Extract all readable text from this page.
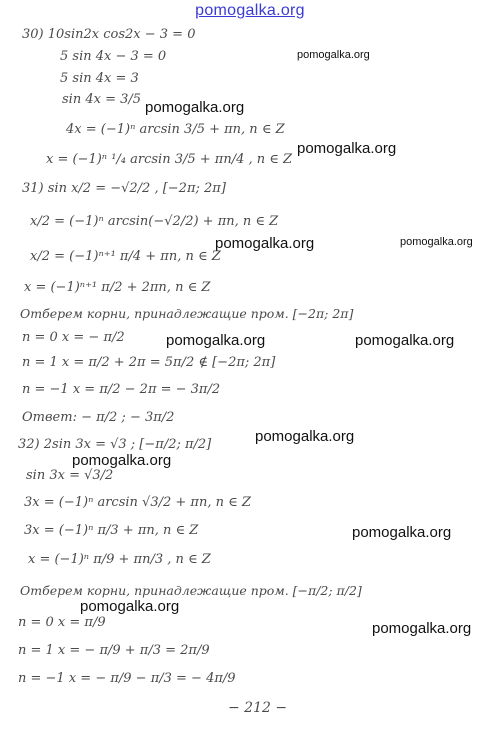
pomogalka.org
30) 10sin2x cos2x − 3 = 0
5 sin 4x − 3 = 0
5 sin 4x = 3
sin 4x = 3/5
4x = (−1)ⁿ arcsin 3/5 + πn, n ∈ Z
x = (−1)ⁿ ¹/₄ arcsin 3/5 + πn/4 , n ∈ Z
31) sin x/2 = −√2/2 , [−2π; 2π]
x/2 = (−1)ⁿ arcsin(−√2/2) + πn, n ∈ Z
x/2 = (−1)ⁿ⁺¹ π/4 + πn, n ∈ Z
x = (−1)ⁿ⁺¹ π/2 + 2πn, n ∈ Z
Отберем корни, принадлежащие пром. [−2π; 2π]
n = 0 x = − π/2
n = 1 x = π/2 + 2π = 5π/2 ∉ [−2π; 2π]
n = −1 x = π/2 − 2π = − 3π/2
Ответ: − π/2 ; − 3π/2
32) 2sin 3x = √3 ; [−π/2; π/2]
sin 3x = √3/2
3x = (−1)ⁿ arcsin √3/2 + πn, n ∈ Z
3x = (−1)ⁿ π/3 + πn, n ∈ Z
x = (−1)ⁿ π/9 + πn/3 , n ∈ Z
Отберем корни, принадлежащие пром. [−π/2; π/2]
n = 0 x = π/9
n = 1 x = − π/9 + π/3 = 2π/9
n = −1 x = − π/9 − π/3 = − 4π/9
− 212 −
pomogalka.org
pomogalka.org
pomogalka.org
pomogalka.org	pomogalka.org
pomogalka.org	pomogalka.org
pomogalka.org
pomogalka.org
pomogalka.org
pomogalka.org
pomogalka.org
